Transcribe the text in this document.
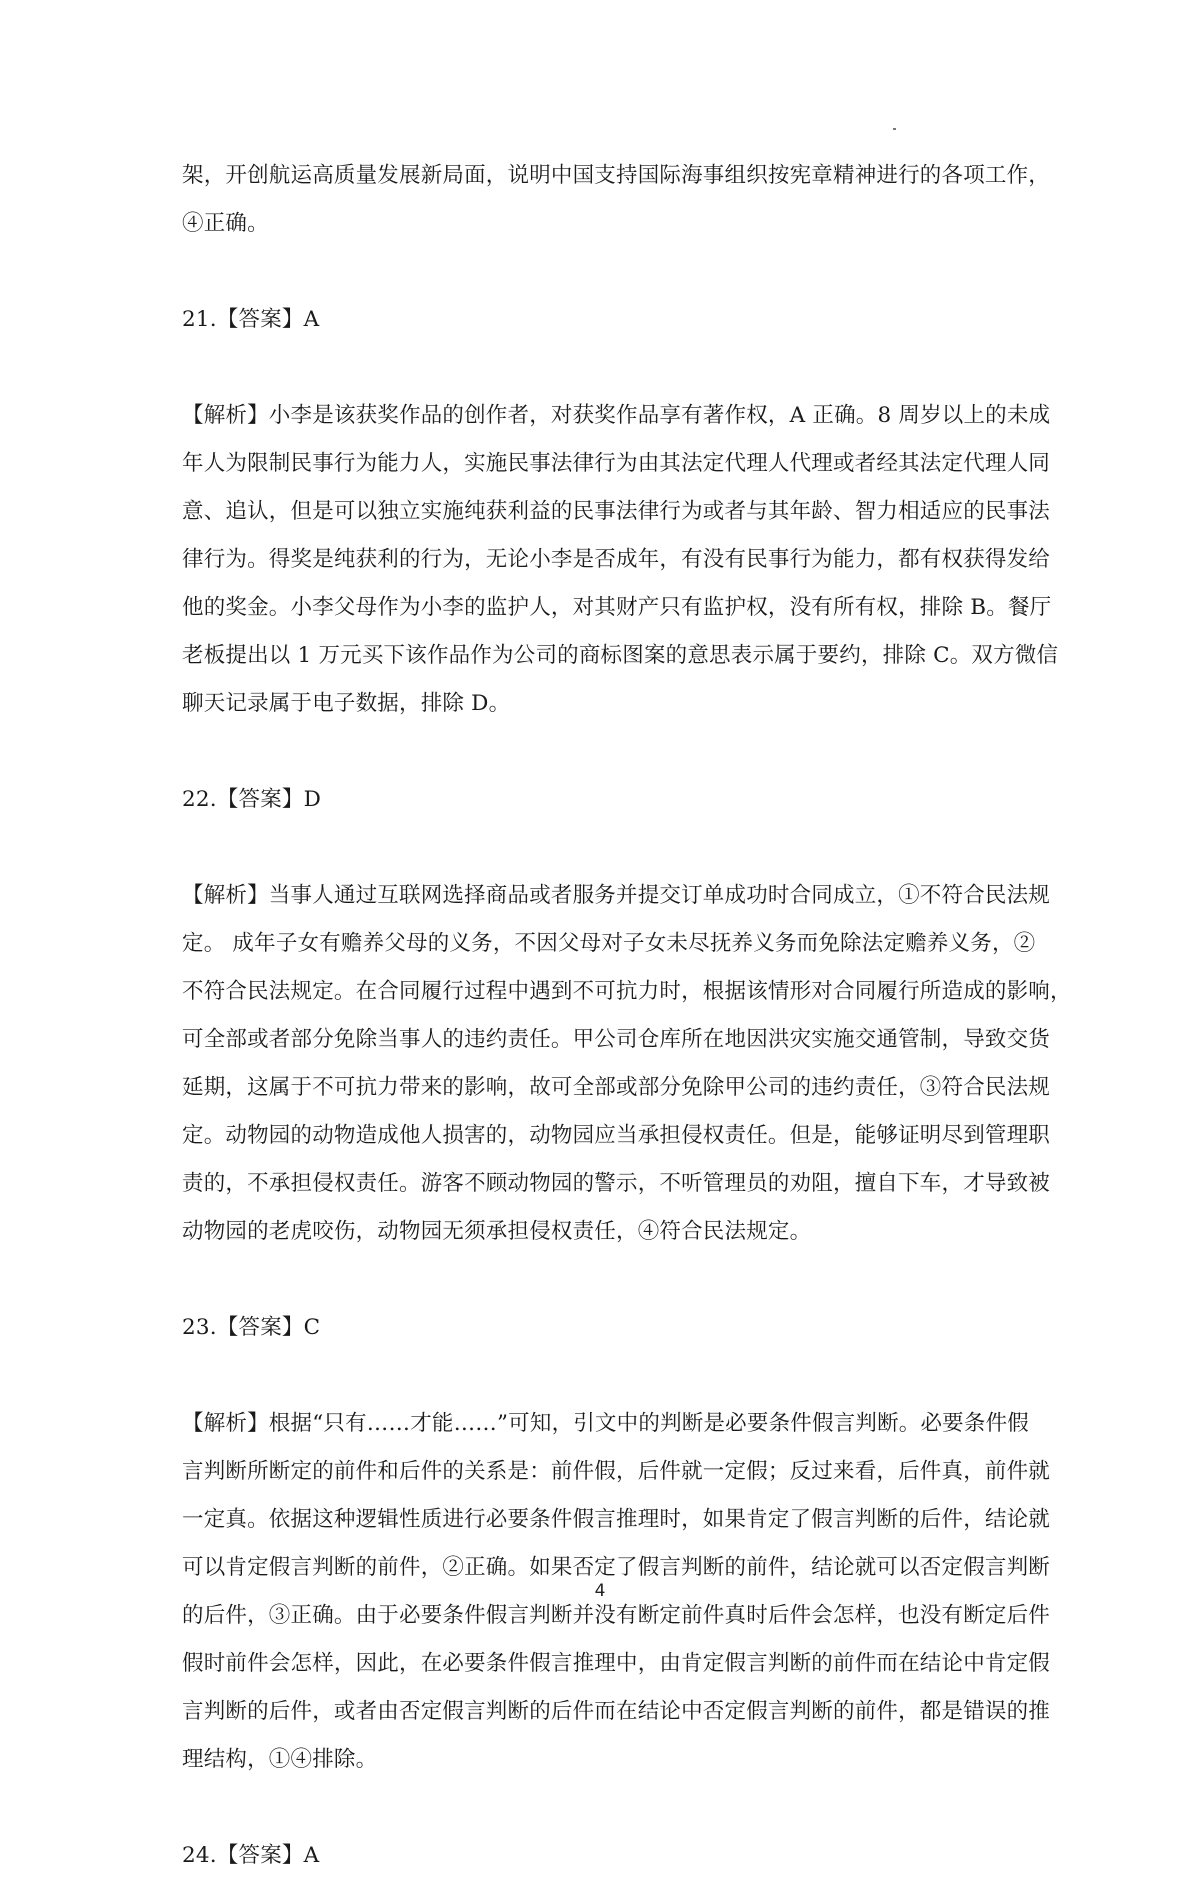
架，开创航运高质量发展新局面，说明中国支持国际海事组织按宪章精神进行的各项工作，
④正确。
21.【答案】A
【解析】小李是该获奖作品的创作者，对获奖作品享有著作权，A 正确。8 周岁以上的未成
年人为限制民事行为能力人，实施民事法律行为由其法定代理人代理或者经其法定代理人同
意、追认，但是可以独立实施纯获利益的民事法律行为或者与其年龄、智力相适应的民事法
律行为。得奖是纯获利的行为，无论小李是否成年，有没有民事行为能力，都有权获得发给
他的奖金。小李父母作为小李的监护人，对其财产只有监护权，没有所有权，排除 B。餐厅
老板提出以 1 万元买下该作品作为公司的商标图案的意思表示属于要约，排除 C。双方微信
聊天记录属于电子数据，排除 D。
22.【答案】D
【解析】当事人通过互联网选择商品或者服务并提交订单成功时合同成立，①不符合民法规
定。 成年子女有赡养父母的义务，不因父母对子女未尽抚养义务而免除法定赡养义务，②
不符合民法规定。在合同履行过程中遇到不可抗力时，根据该情形对合同履行所造成的影响，
可全部或者部分免除当事人的违约责任。甲公司仓库所在地因洪灾实施交通管制，导致交货
延期，这属于不可抗力带来的影响，故可全部或部分免除甲公司的违约责任，③符合民法规
定。动物园的动物造成他人损害的，动物园应当承担侵权责任。但是，能够证明尽到管理职
责的，不承担侵权责任。游客不顾动物园的警示，不听管理员的劝阻，擅自下车，才导致被
动物园的老虎咬伤，动物园无须承担侵权责任，④符合民法规定。
23.【答案】C
【解析】根据“只有……才能……”可知，引文中的判断是必要条件假言判断。必要条件假
言判断所断定的前件和后件的关系是：前件假，后件就一定假；反过来看，后件真，前件就
一定真。依据这种逻辑性质进行必要条件假言推理时，如果肯定了假言判断的后件，结论就
可以肯定假言判断的前件，②正确。如果否定了假言判断的前件，结论就可以否定假言判断
的后件，③正确。由于必要条件假言判断并没有断定前件真时后件会怎样，也没有断定后件
假时前件会怎样，因此，在必要条件假言推理中，由肯定假言判断的前件而在结论中肯定假
言判断的后件，或者由否定假言判断的后件而在结论中否定假言判断的前件，都是错误的推
理结构，①④排除。
24.【答案】A
4
